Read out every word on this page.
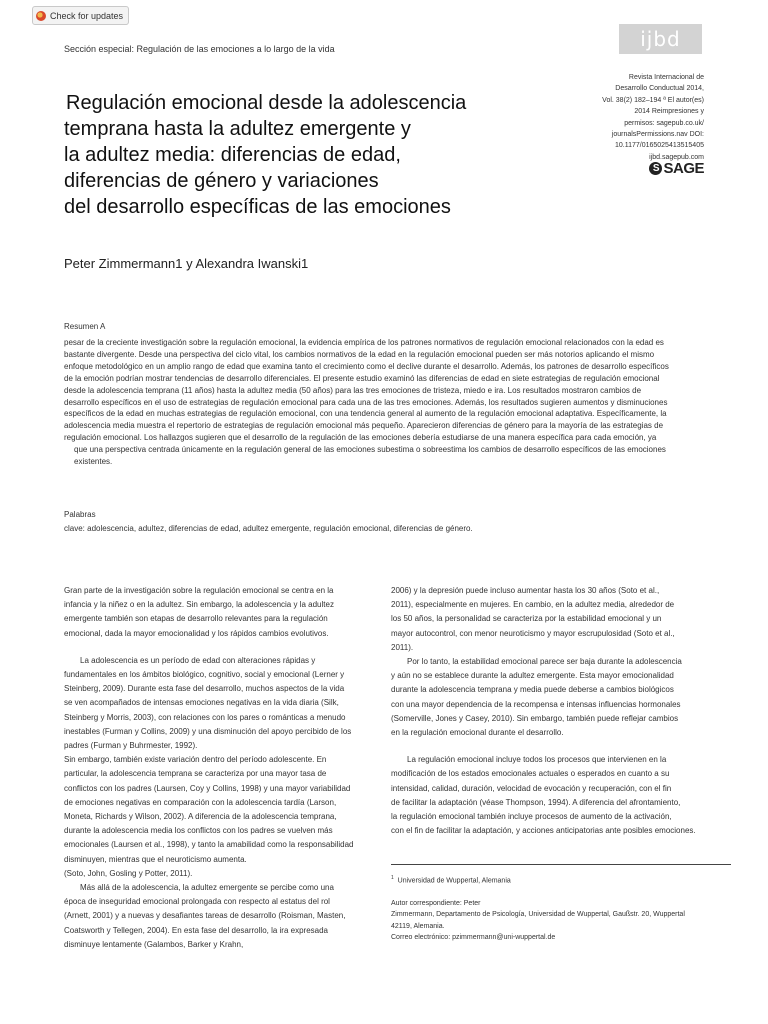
Check for updates
Sección especial: Regulación de las emociones a lo largo de la vida	ijbd
Revista Internacional de
Desarrollo Conductual 2014,
Vol. 38(2) 182–194 ª El autor(es)
2014 Reimpresiones y
permisos: sagepub.co.uk/
journalsPermissions.nav DOI:
10.1177/0165025413515405
ijbd.sagepub.com
S SAGE
Regulación emocional desde la adolescencia
temprana hasta la adultez emergente y
la adultez media: diferencias de edad,
diferencias de género y variaciones
del desarrollo específicas de las emociones
Peter Zimmermann1 y Alexandra Iwanski1
Resumen A
pesar de la creciente investigación sobre la regulación emocional, la evidencia empírica de los patrones normativos de regulación emocional relacionados con la edad es
bastante divergente. Desde una perspectiva del ciclo vital, los cambios normativos de la edad en la regulación emocional pueden ser más notorios aplicando el mismo
enfoque metodológico en un amplio rango de edad que examina tanto el crecimiento como el declive durante el desarrollo. Además, los patrones de desarrollo específicos
de la emoción podrían mostrar tendencias de desarrollo diferenciales. El presente estudio examinó las diferencias de edad en siete estrategias de regulación emocional
desde la adolescencia temprana (11 años) hasta la adultez media (50 años) para las tres emociones de tristeza, miedo e ira. Los resultados mostraron cambios de
desarrollo específicos en el uso de estrategias de regulación emocional para cada una de las tres emociones. Además, los resultados sugieren aumentos y disminuciones
específicos de la edad en muchas estrategias de regulación emocional, con una tendencia general al aumento de la regulación emocional adaptativa. Específicamente, la
adolescencia media muestra el repertorio de estrategias de regulación emocional más pequeño. Aparecieron diferencias de género para la mayoría de las estrategias de
regulación emocional. Los hallazgos sugieren que el desarrollo de la regulación de las emociones debería estudiarse de una manera específica para cada emoción, ya
que una perspectiva centrada únicamente en la regulación general de las emociones subestima o sobreestima los cambios de desarrollo específicos de las emociones
existentes.
Palabras
clave: adolescencia, adultez, diferencias de edad, adultez emergente, regulación emocional, diferencias de género.
Gran parte de la investigación sobre la regulación emocional se centra en la
infancia y la niñez o en la adultez. Sin embargo, la adolescencia y la adultez
emergente también son etapas de desarrollo relevantes para la regulación
emocional, dada la mayor emocionalidad y los rápidos cambios evolutivos.
La adolescencia es un período de edad con alteraciones rápidas y
fundamentales en los ámbitos biológico, cognitivo, social y emocional (Lerner y
Steinberg, 2009). Durante esta fase del desarrollo, muchos aspectos de la vida
se ven acompañados de intensas emociones negativas en la vida diaria (Silk,
Steinberg y Morris, 2003), con relaciones con los pares o románticas a menudo
inestables (Furman y Collins, 2009) y una disminución del apoyo percibido de los
padres (Furman y Buhrmester, 1992).
Sin embargo, también existe variación dentro del período adolescente. En
particular, la adolescencia temprana se caracteriza por una mayor tasa de
conflictos con los padres (Laursen, Coy y Collins, 1998) y una mayor variabilidad
de emociones negativas en comparación con la adolescencia tardía (Larson,
Moneta, Richards y Wilson, 2002). A diferencia de la adolescencia temprana,
durante la adolescencia media los conflictos con los padres se vuelven más
emocionales (Laursen et al., 1998), y tanto la amabilidad como la responsabilidad
disminuyen, mientras que el neuroticismo aumenta.
(Soto, John, Gosling y Potter, 2011).
Más allá de la adolescencia, la adultez emergente se percibe como una
época de inseguridad emocional prolongada con respecto al estatus del rol
(Arnett, 2001) y a nuevas y desafiantes tareas de desarrollo (Roisman, Masten,
Coatsworth y Tellegen, 2004). En esta fase del desarrollo, la ira expresada
disminuye lentamente (Galambos, Barker y Krahn,
2006) y la depresión puede incluso aumentar hasta los 30 años (Soto et al.,
2011), especialmente en mujeres. En cambio, en la adultez media, alrededor de
los 50 años, la personalidad se caracteriza por la estabilidad emocional y un
mayor autocontrol, con menor neuroticismo y mayor escrupulosidad (Soto et al.,
2011).
Por lo tanto, la estabilidad emocional parece ser baja durante la adolescencia
y aún no se establece durante la adultez emergente. Esta mayor emocionalidad
durante la adolescencia temprana y media puede deberse a cambios biológicos
con una mayor dependencia de la recompensa e intensas influencias hormonales
(Somerville, Jones y Casey, 2010). Sin embargo, también puede reflejar cambios
en la regulación emocional durante el desarrollo.
La regulación emocional incluye todos los procesos que intervienen en la
modificación de los estados emocionales actuales o esperados en cuanto a su
intensidad, calidad, duración, velocidad de evocación y recuperación, con el fin
de facilitar la adaptación (véase Thompson, 1994). A diferencia del afrontamiento,
la regulación emocional también incluye procesos de aumento de la activación,
con el fin de facilitar la adaptación, y acciones anticipatorias ante posibles emociones.
$^1$ Universidad de Wuppertal, Alemania
Autor correspondiente: Peter
Zimmermann, Departamento de Psicología, Universidad de Wuppertal, Gaußstr. 20, Wuppertal
42119, Alemania.
Correo electrónico: pzimmermann@uni-wuppertal.de
